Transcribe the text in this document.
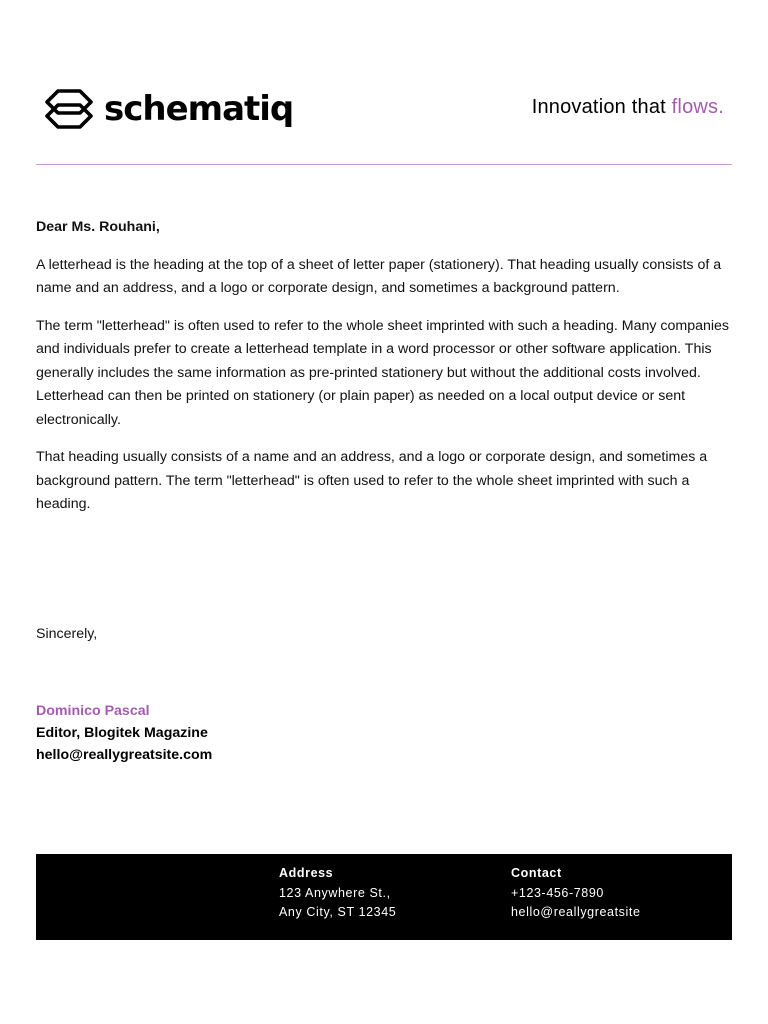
schematiq	Innovation that flows.

Dear Ms. Rouhani,

A letterhead is the heading at the top of a sheet of letter paper (stationery). That heading usually consists of a name and an address, and a logo or corporate design, and sometimes a background pattern.

The term "letterhead" is often used to refer to the whole sheet imprinted with such a heading. Many companies and individuals prefer to create a letterhead template in a word processor or other software application. This generally includes the same information as pre-printed stationery but without the additional costs involved. Letterhead can then be printed on stationery (or plain paper) as needed on a local output device or sent electronically.

That heading usually consists of a name and an address, and a logo or corporate design, and sometimes a background pattern. The term "letterhead" is often used to refer to the whole sheet imprinted with such a heading.

Sincerely,
Dominico Pascal
Editor, Blogitek Magazine
hello@reallygreatsite.com
Address
123 Anywhere St.,
Any City, ST 12345
Contact
+123-456-7890
hello@reallygreatsite
